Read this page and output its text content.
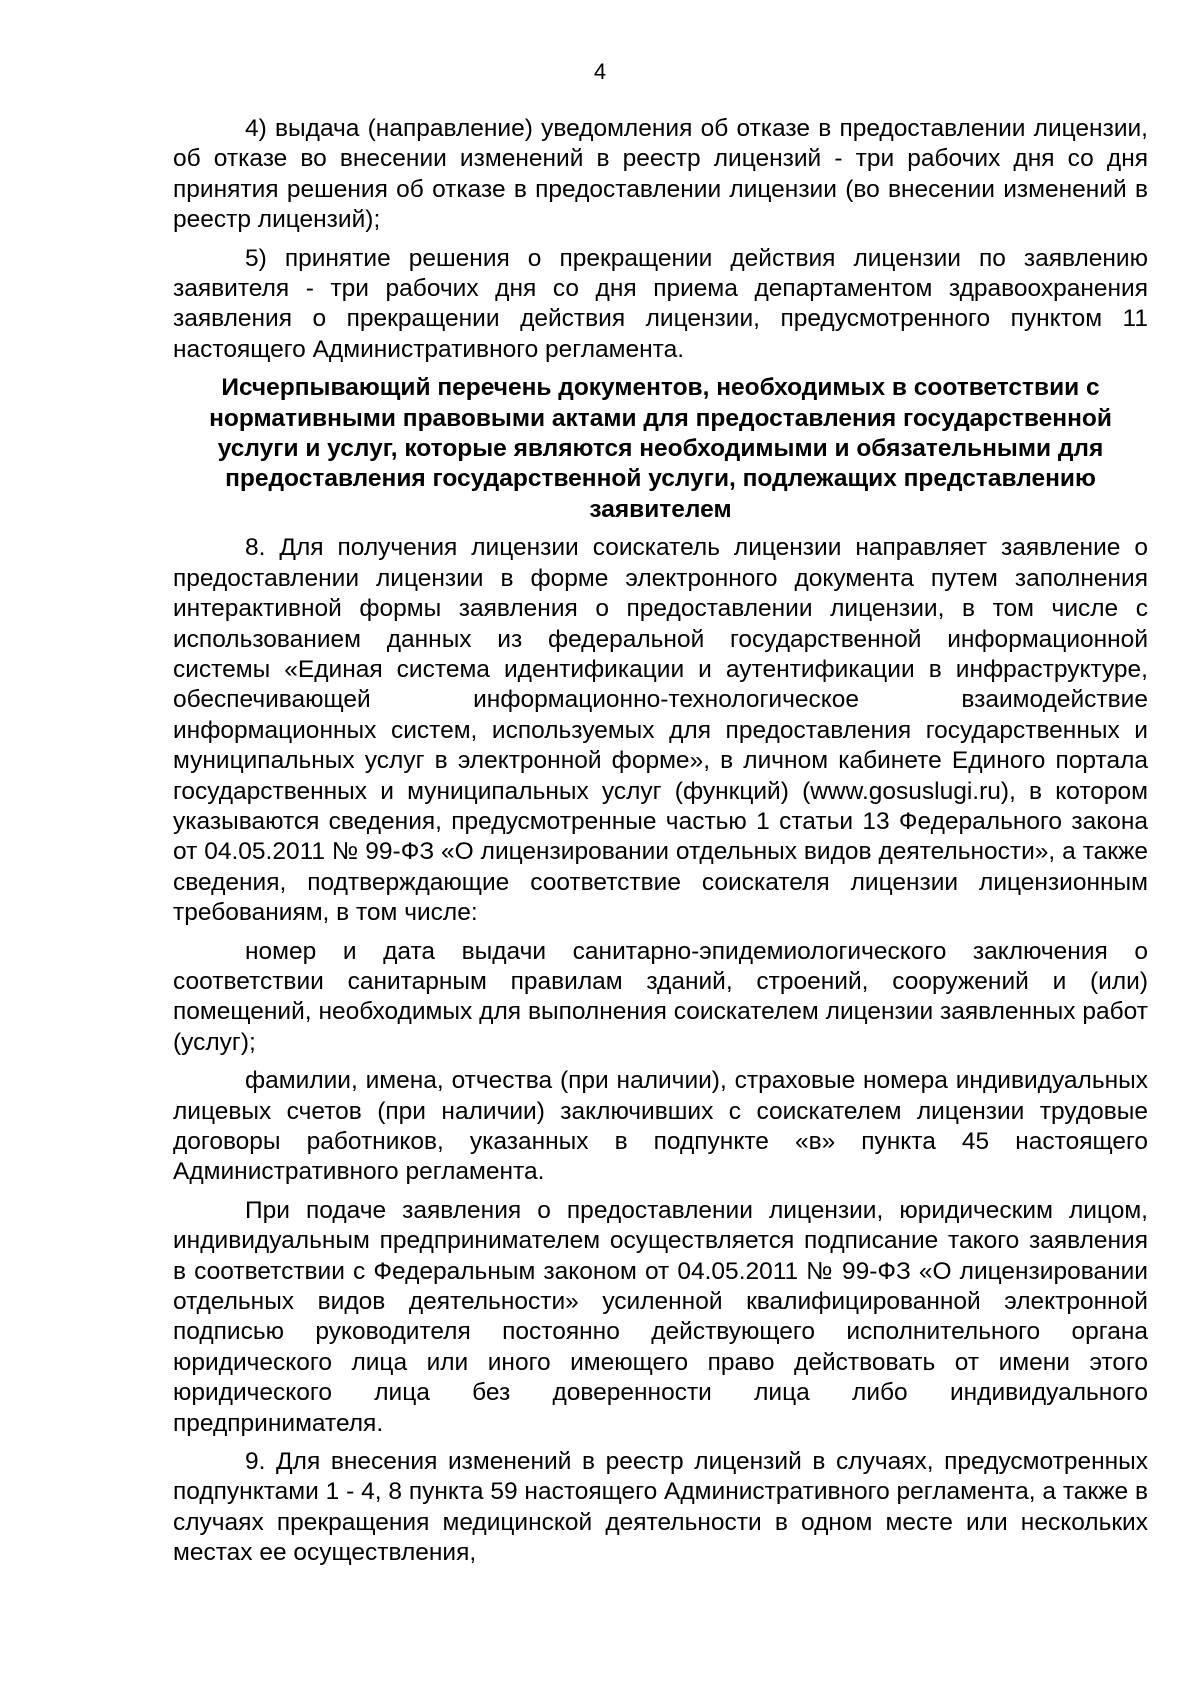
4

4) выдача (направление) уведомления об отказе в предоставлении лицензии, об отказе во внесении изменений в реестр лицензий - три рабочих дня со дня принятия решения об отказе в предоставлении лицензии (во внесении изменений в реестр лицензий);

5) принятие решения о прекращении действия лицензии по заявлению заявителя - три рабочих дня со дня приема департаментом здравоохранения заявления о прекращении действия лицензии, предусмотренного пунктом 11 настоящего Административного регламента.

Исчерпывающий перечень документов, необходимых в соответствии с нормативными правовыми актами для предоставления государственной услуги и услуг, которые являются необходимыми и обязательными для предоставления государственной услуги, подлежащих представлению заявителем

8. Для получения лицензии соискатель лицензии направляет заявление о предоставлении лицензии в форме электронного документа путем заполнения интерактивной формы заявления о предоставлении лицензии, в том числе с использованием данных из федеральной государственной информационной системы «Единая система идентификации и аутентификации в инфраструктуре, обеспечивающей информационно-технологическое взаимодействие информационных систем, используемых для предоставления государственных и муниципальных услуг в электронной форме», в личном кабинете Единого портала государственных и муниципальных услуг (функций) (www.gosuslugi.ru), в котором указываются сведения, предусмотренные частью 1 статьи 13 Федерального закона от 04.05.2011 № 99-ФЗ «О лицензировании отдельных видов деятельности», а также сведения, подтверждающие соответствие соискателя лицензии лицензионным требованиям, в том числе:

номер и дата выдачи санитарно-эпидемиологического заключения о соответствии санитарным правилам зданий, строений, сооружений и (или) помещений, необходимых для выполнения соискателем лицензии заявленных работ (услуг);

фамилии, имена, отчества (при наличии), страховые номера индивидуальных лицевых счетов (при наличии) заключивших с соискателем лицензии трудовые договоры работников, указанных в подпункте «в» пункта 45 настоящего Административного регламента.

При подаче заявления о предоставлении лицензии, юридическим лицом, индивидуальным предпринимателем осуществляется подписание такого заявления в соответствии с Федеральным законом от 04.05.2011 № 99-ФЗ «О лицензировании отдельных видов деятельности» усиленной квалифицированной электронной подписью руководителя постоянно действующего исполнительного органа юридического лица или иного имеющего право действовать от имени этого юридического лица без доверенности лица либо индивидуального предпринимателя.

9. Для внесения изменений в реестр лицензий в случаях, предусмотренных подпунктами 1 - 4, 8 пункта 59 настоящего Административного регламента, а также в случаях прекращения медицинской деятельности в одном месте или нескольких местах ее осуществления,
